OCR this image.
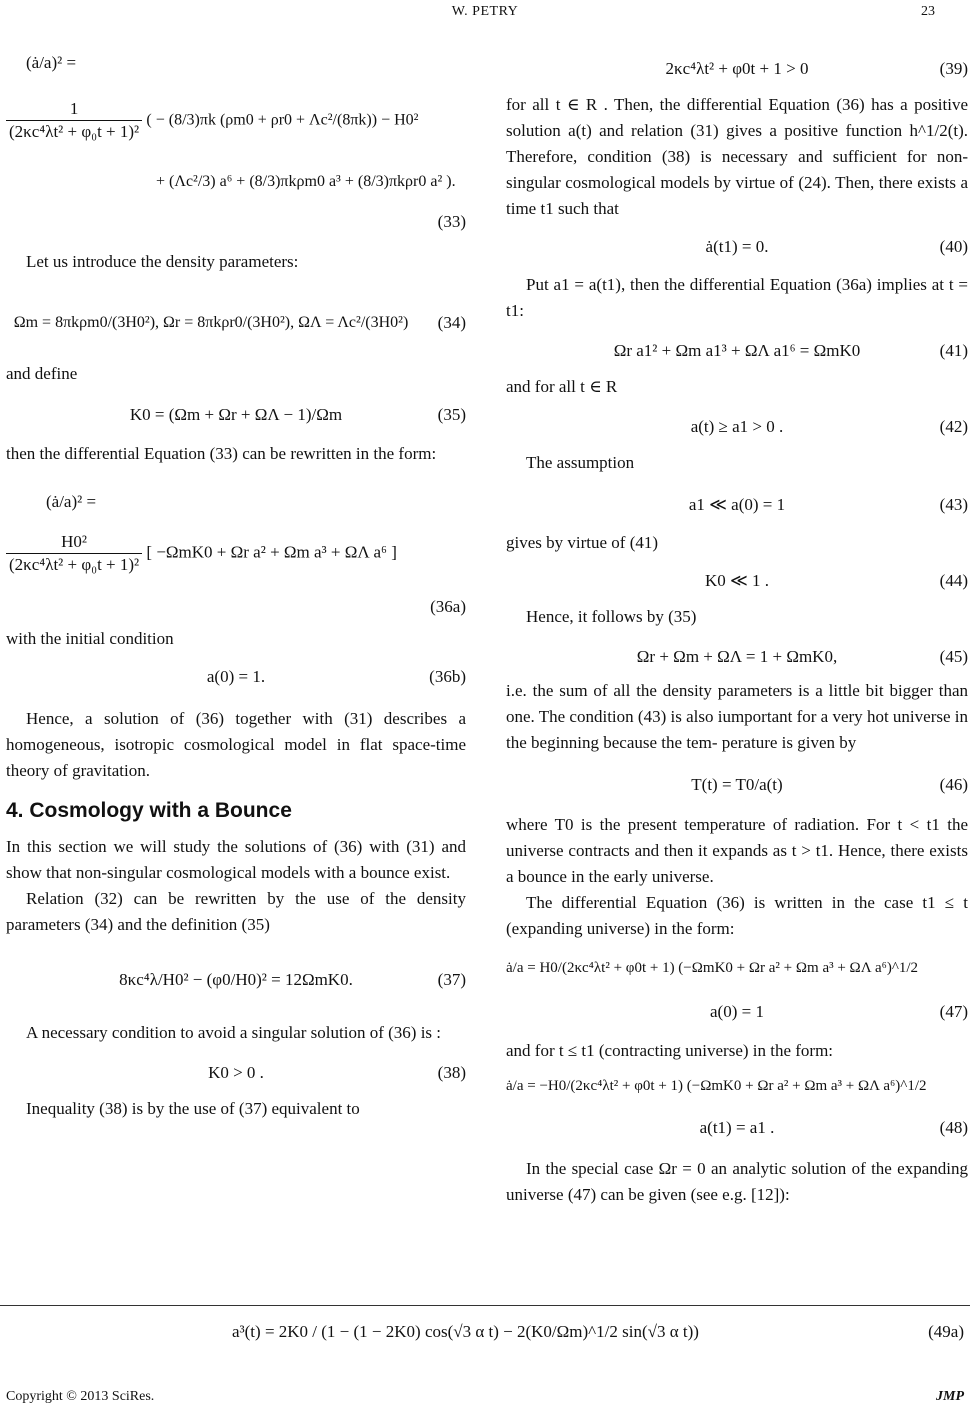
W. PETRY	23
(ȧ/a)² =
$\frac{1}{\text{(2κc⁴λt² + φ₀t + 1)²}}$ ( − (8/3)πk (ρm0 + ρr0 + Λc²/(8πk)) − H0²
+ (Λc²/3) a⁶ + (8/3)πkρm0 a³ + (8/3)πkρr0 a² ).
(33)

Let us introduce the density parameters:

Ωm = 8πkρm0/(3H0²), Ωr = 8πkρr0/(3H0²), ΩΛ = Λc²/(3H0²) (34)

and define

K0 = (Ωm + Ωr + ΩΛ − 1)/Ωm	(35)

then the differential Equation (33) can be rewritten in the form:

(ȧ/a)² =
$\frac{\text{H0²}}{\text{(2κc⁴λt² + φ₀t + 1)²}}$ [ −ΩmK0 + Ωr a² + Ωm a³ + ΩΛ a⁶ ]
(36a)

with the initial condition

a(0) = 1.	(36b)

Hence, a solution of (36) together with (31) describes a homogeneous, isotropic cosmological model in flat space-time theory of gravitation.

4. Cosmology with a Bounce

In this section we will study the solutions of (36) with (31) and show that non-singular cosmological models with a bounce exist.

Relation (32) can be rewritten by the use of the density parameters (34) and the definition (35)

8κc⁴λ/H0² − (φ0/H0)² = 12ΩmK0.	(37)

A necessary condition to avoid a singular solution of (36) is :

K0 > 0 .	(38)

Inequality (38) is by the use of (37) equivalent to

2κc⁴λt² + φ0t + 1 > 0	(39)

for all t ∈ R . Then, the differential Equation (36) has a positive solution a(t) and relation (31) gives a positive function h^1/2(t). Therefore, condition (38) is necessary and sufficient for non-singular cosmological models by virtue of (24). Then, there exists a time t1 such that

ȧ(t1) = 0.	(40)

Put a1 = a(t1), then the differential Equation (36a) implies at t = t1:

Ωr a1² + Ωm a1³ + ΩΛ a1⁶ = ΩmK0	(41)

and for all t ∈ R

a(t) ≥ a1 > 0 .	(42)

The assumption

a1 ≪ a(0) = 1	(43)

gives by virtue of (41)

K0 ≪ 1 .	(44)

Hence, it follows by (35)

Ωr + Ωm + ΩΛ = 1 + ΩmK0,	(45)

i.e. the sum of all the density parameters is a little bit bigger than one. The condition (43) is also iumportant for a very hot universe in the beginning because the tem- perature is given by

T(t) = T0/a(t)	(46)

where T0 is the present temperature of radiation. For t < t1 the universe contracts and then it expands as t > t1. Hence, there exists a bounce in the early universe.

The differential Equation (36) is written in the case t1 ≤ t (expanding universe) in the form:

ȧ/a = H0/(2κc⁴λt² + φ0t + 1) (−ΩmK0 + Ωr a² + Ωm a³ + ΩΛ a⁶)^1/2
a(0) = 1	(47)

and for t ≤ t1 (contracting universe) in the form:

ȧ/a = −H0/(2κc⁴λt² + φ0t + 1) (−ΩmK0 + Ωr a² + Ωm a³ + ΩΛ a⁶)^1/2
a(t1) = a1 .	(48)

In the special case Ωr = 0 an analytic solution of the expanding universe (47) can be given (see e.g. [12]):

a³(t) = 2K0 / (1 − (1 − 2K0) cos(√3 α t) − 2(K0/Ωm)^1/2 sin(√3 α t))	(49a)
Copyright © 2013 SciRes.	JMP
